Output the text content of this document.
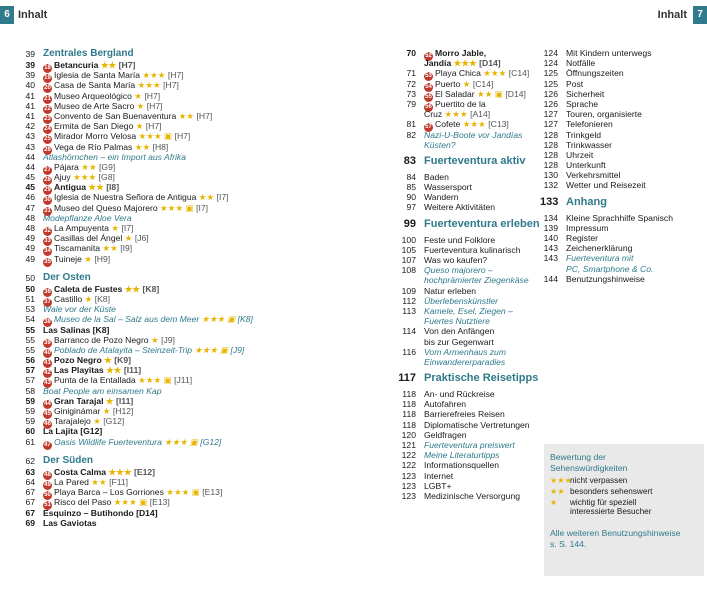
6 Inhalt	Inhalt	7
39 Zentrales Bergland
39 18 Betancuria ★★ [H7]
39 19 Iglesia de Santa María ★★★ [H7]
40 20 Casa de Santa María ★★★ [H7]
41 21 Museo Arqueológico ★ [H7]
41 22 Museo de Arte Sacro ★ [H7]
41 23 Convento de San Buenaventura ★★ [H7]
42 24 Ermita de San Diego ★ [H7]
43 25 Mirador Morro Velosa ★★★ ▣ [H7]
43 26 Vega de Río Palmas ★★ [H8]
44 Atlashörnchen – ein Import aus Afrika
44 27 Pájara ★★ [G9]
45 28 Ajuy ★★★ [G8]
45 29 Antigua ★★ [I8]
46 30 Iglesia de Nuestra Señora de Antigua ★★ [I7]
47 31 Museo del Queso Majorero ★★★ ▣ [I7]
48 Modepflanze Aloe Vera
48 32 La Ampuyenta ★ [I7]
49 33 Casillas del Ángel ★ [J6]
49 34 Tiscamanita ★★ [I9]
49 35 Tuineje ★ [H9]
50 Der Osten
50 36 Caleta de Fustes ★★ [K8]
51 37 Castillo ★ [K8]
53 Wale vor der Küste
54 38 Museo de la Sal – Salz aus dem Meer ★★★ ▣ [K8]
55 Las Salinas [K8]
55 39 Barranco de Pozo Negro ★ [J9]
55 40 Poblado de Atalayita – Steinzeit-Trip ★★★ ▣ [J9]
56 41 Pozo Negro ★ [K9]
57 42 Las Playitas ★★ [I11]
57 43 Punta de la Entallada ★★★ ▣ [J11]
58 Boat People am einsamen Kap
59 44 Gran Tarajal ★ [I11]
59 45 Giniginámar ★ [H12]
59 46 Tarajalejo ★ [G12]
60 La Lajita [G12]
61 47 Oasis Wildlife Fuerteventura ★★★ ▣ [G12]
62 Der Süden
63 48 Costa Calma ★★★ [E12]
64 49 La Pared ★★ [F11]
67 50 Playa Barca – Los Gorriones ★★★ ▣ [E13]
67 51 Risco del Paso ★★★ ▣ [E13]
67 Esquinzo – Butihondo [D14]
69 Las Gaviotas
70 52 Morro Jable,
Jandía ★★★ [D14]
71 53 Playa Chica ★★★ [C14]
72 54 Puerto ★ [C14]
73 55 El Saladar ★★ ▣ [D14]
79 56 Puertito de la
Cruz ★★★ [A14]
81 57 Cofete ★★★ [C13]
82 Nazi-U-Boote vor Jandías
Küsten?
83 Fuerteventura aktiv
84 Baden
85 Wassersport
90 Wandern
97 Weitere Aktivitäten
99 Fuerteventura erleben
100 Feste und Folklore
105 Fuerteventura kulinarisch
107 Was wo kaufen?
108 Queso majorero –
hochprämierter Ziegenkäse
109 Natur erleben
112 Überlebenskünstler
113 Kamele, Esel, Ziegen –
Fuertes Nutztiere
114 Von den Anfängen
bis zur Gegenwart
116 Vom Armenhaus zum
Einwandererparadies
117 Praktische Reisetipps
118 An- und Rückreise
118 Autofahren
118 Barrierefreies Reisen
118 Diplomatische Vertretungen
120 Geldfragen
121 Fuerteventura preiswert
122 Meine Literaturtipps
122 Informationsquellen
123 Internet
123 LGBT+
123 Medizinische Versorgung
124 Mit Kindern unterwegs
124 Notfälle
125 Öffnungszeiten
125 Post
126 Sicherheit
126 Sprache
127 Touren, organisierte
127 Telefonieren
128 Trinkgeld
128 Trinkwasser
128 Uhrzeit
128 Unterkunft
130 Verkehrsmittel
132 Wetter und Reisezeit
133 Anhang
134 Kleine Sprachhilfe Spanisch
139 Impressum
140 Register
143 Zeichenerklärung
143 Fuerteventura mit
PC, Smartphone & Co.
144 Benutzungshinweise
Bewertung der
Sehenswürdigkeiten
★★★nicht verpassen
★★ besonders sehenswert
★ wichtig für speziell
interessierte Besucher
Alle weiteren Benutzungshinweise
s. S. 144.
